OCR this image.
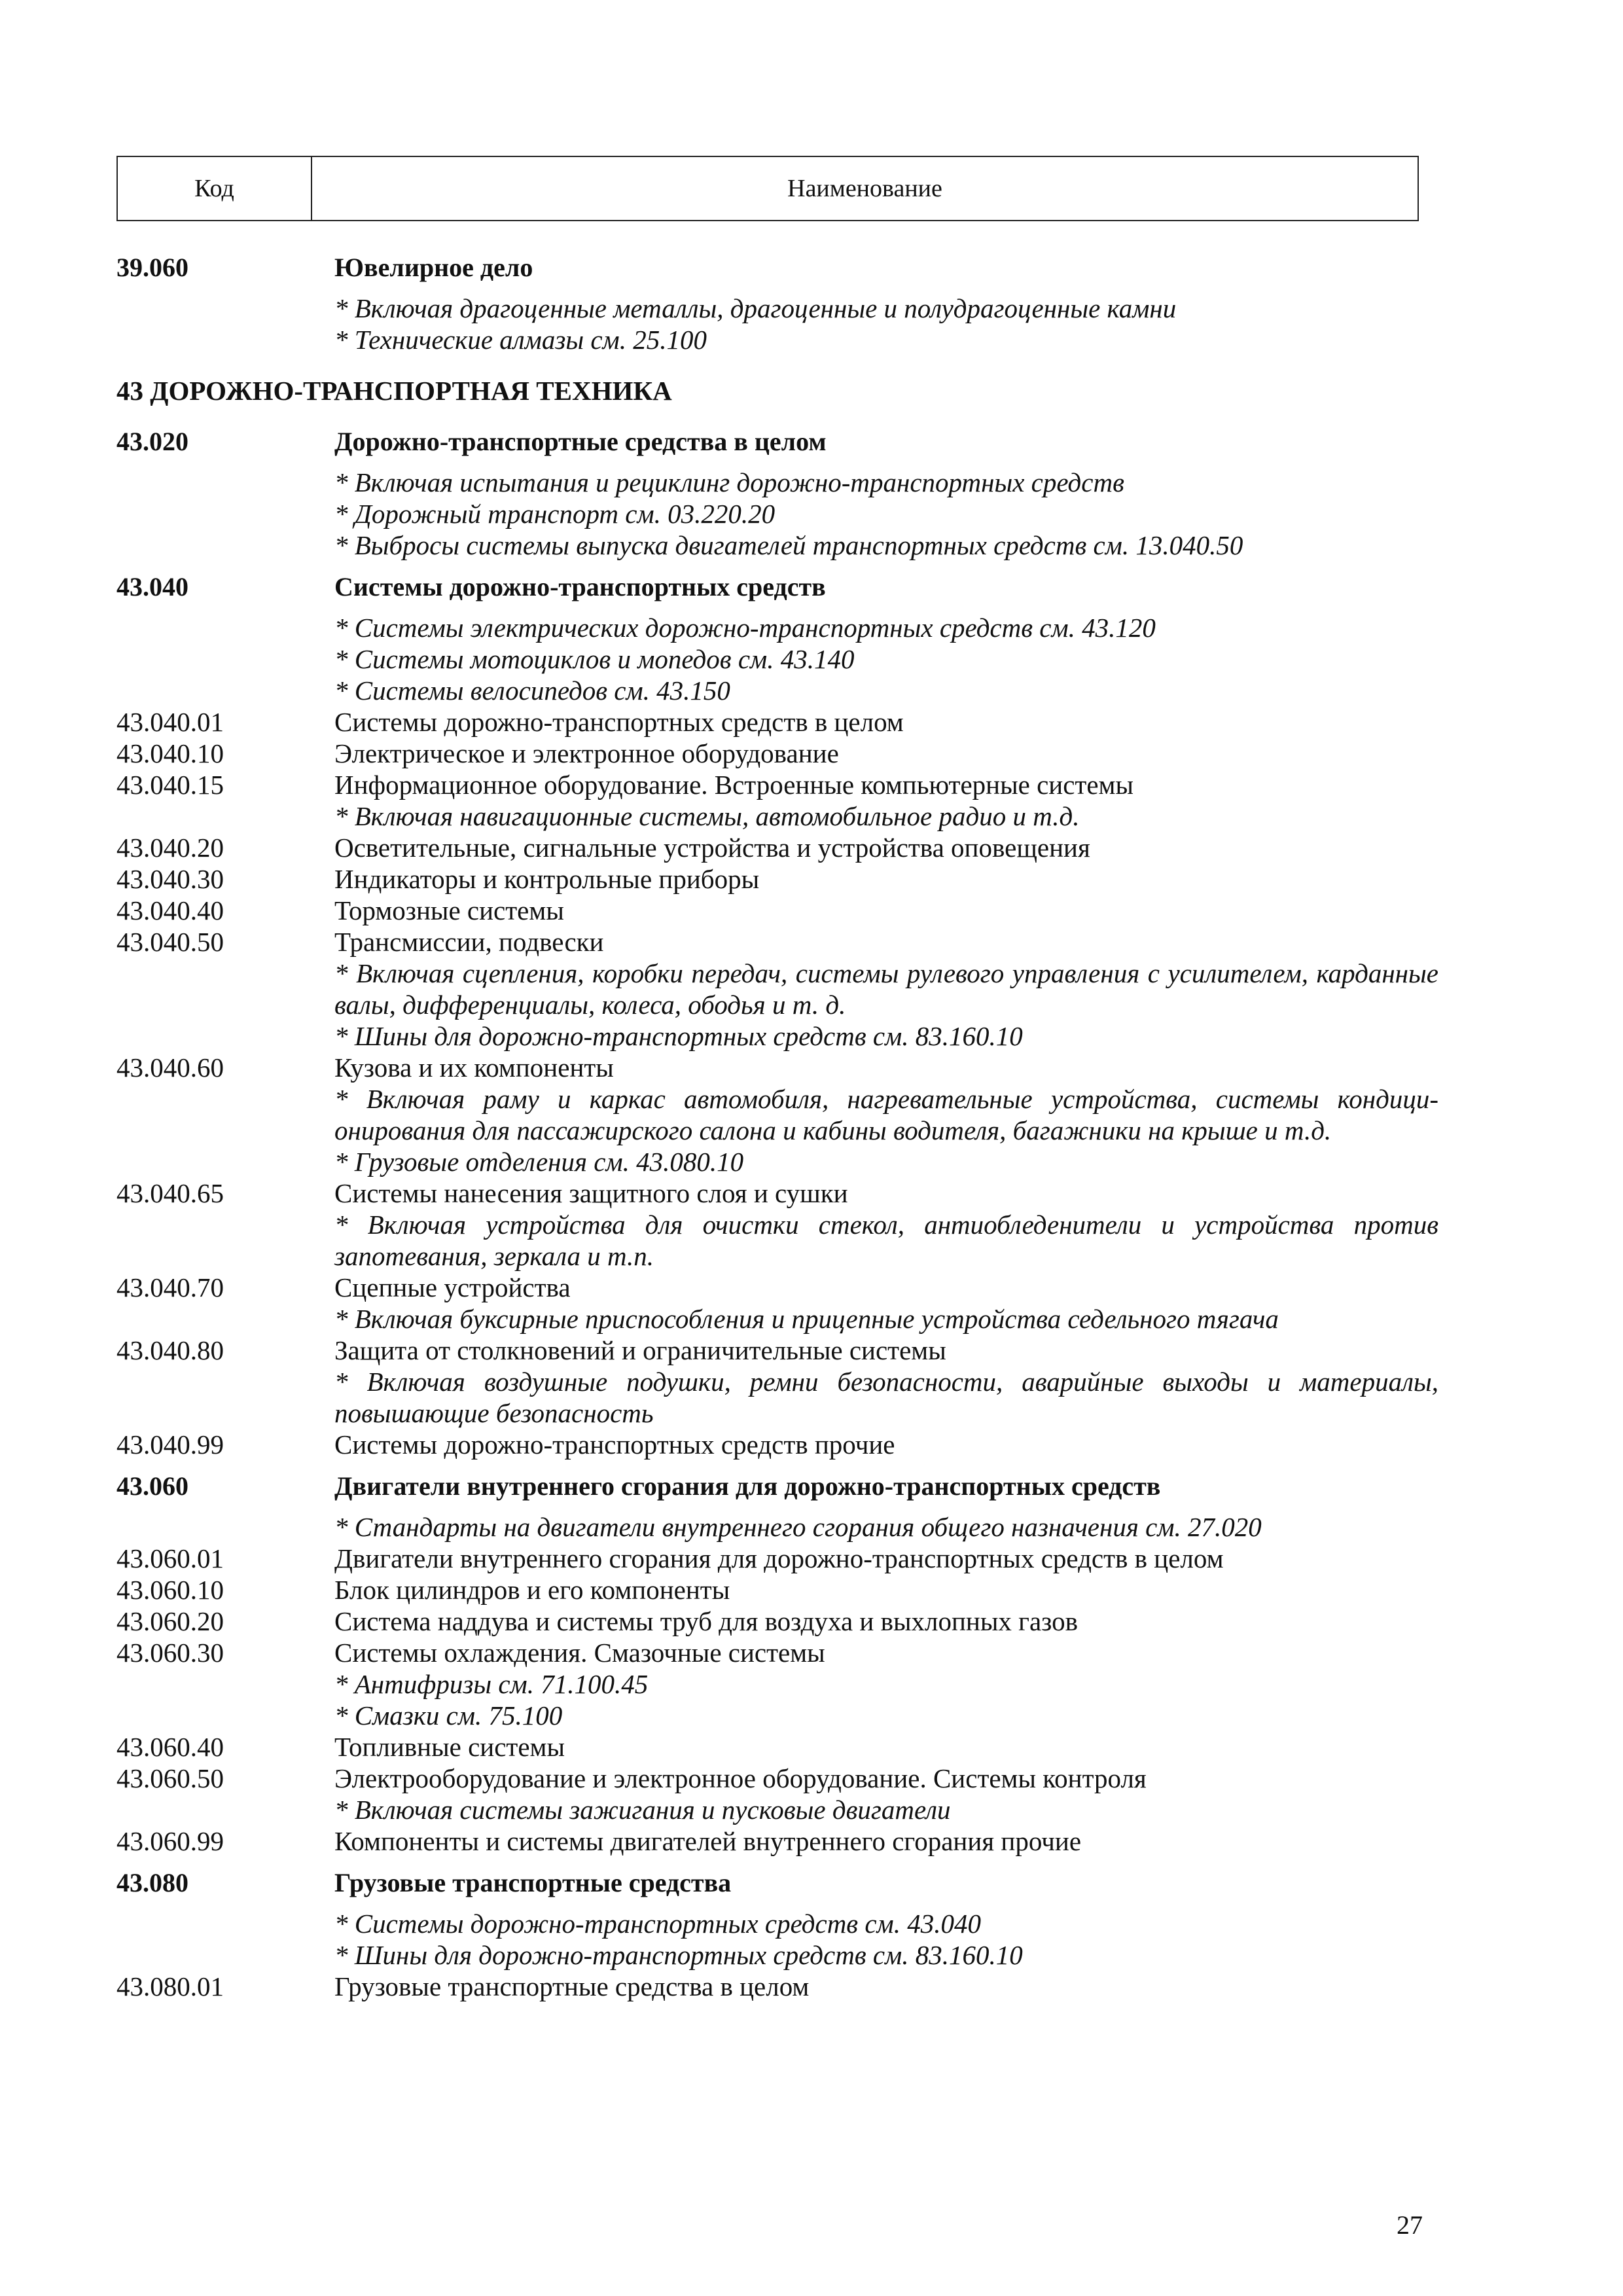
Код	Наименование
39.060	Ювелирное дело
* Включая драгоценные металлы, драгоценные и полудрагоценные камни
* Технические алмазы см. 25.100
43 ДОРОЖНО-ТРАНСПОРТНАЯ ТЕХНИКА
43.020	Дорожно-транспортные средства в целом
* Включая испытания и рециклинг дорожно-транспортных средств
* Дорожный транспорт см. 03.220.20
* Выбросы системы выпуска двигателей транспортных средств см. 13.040.50
43.040	Системы дорожно-транспортных средств
* Системы электрических дорожно-транспортных средств см. 43.120
* Системы мотоциклов и мопедов см. 43.140
* Системы велосипедов см. 43.150
43.040.01	Системы дорожно-транспортных средств в целом
43.040.10	Электрическое и электронное оборудование
43.040.15	Информационное оборудование. Встроенные компьютерные системы
* Включая навигационные системы, автомобильное радио и т.д.
43.040.20	Осветительные, сигнальные устройства и устройства оповещения
43.040.30	Индикаторы и контрольные приборы
43.040.40	Тормозные системы
43.040.50	Трансмиссии, подвески
* Включая сцепления, коробки передач, системы рулевого управления с усилителем, карданные валы, дифференциалы, колеса, ободья и т. д.
* Шины для дорожно-транспортных средств см. 83.160.10
43.040.60	Кузова и их компоненты
* Включая раму и каркас автомобиля, нагревательные устройства, системы кондици-онирования для пассажирского салона и кабины водителя, багажники на крыше и т.д.
* Грузовые отделения см. 43.080.10
43.040.65	Системы нанесения защитного слоя и сушки
* Включая устройства для очистки стекол, антиобледенители и устройства против запотевания, зеркала и т.п.
43.040.70	Сцепные устройства
* Включая буксирные приспособления и прицепные устройства седельного тягача
43.040.80	Защита от столкновений и ограничительные системы
* Включая воздушные подушки, ремни безопасности, аварийные выходы и материалы, повышающие безопасность
43.040.99	Системы дорожно-транспортных средств прочие
43.060	Двигатели внутреннего сгорания для дорожно-транспортных средств
* Стандарты на двигатели внутреннего сгорания общего назначения см. 27.020
43.060.01	Двигатели внутреннего сгорания для дорожно-транспортных средств в целом
43.060.10	Блок цилиндров и его компоненты
43.060.20	Система наддува и системы труб для воздуха и выхлопных газов
43.060.30	Системы охлаждения. Смазочные системы
* Антифризы см. 71.100.45
* Смазки см. 75.100
43.060.40	Топливные системы
43.060.50	Электрооборудование и электронное оборудование. Системы контроля
* Включая системы зажигания и пусковые двигатели
43.060.99	Компоненты и системы двигателей внутреннего сгорания прочие
43.080	Грузовые транспортные средства
* Системы дорожно-транспортных средств см. 43.040
* Шины для дорожно-транспортных средств см. 83.160.10
43.080.01	Грузовые транспортные средства в целом
27
